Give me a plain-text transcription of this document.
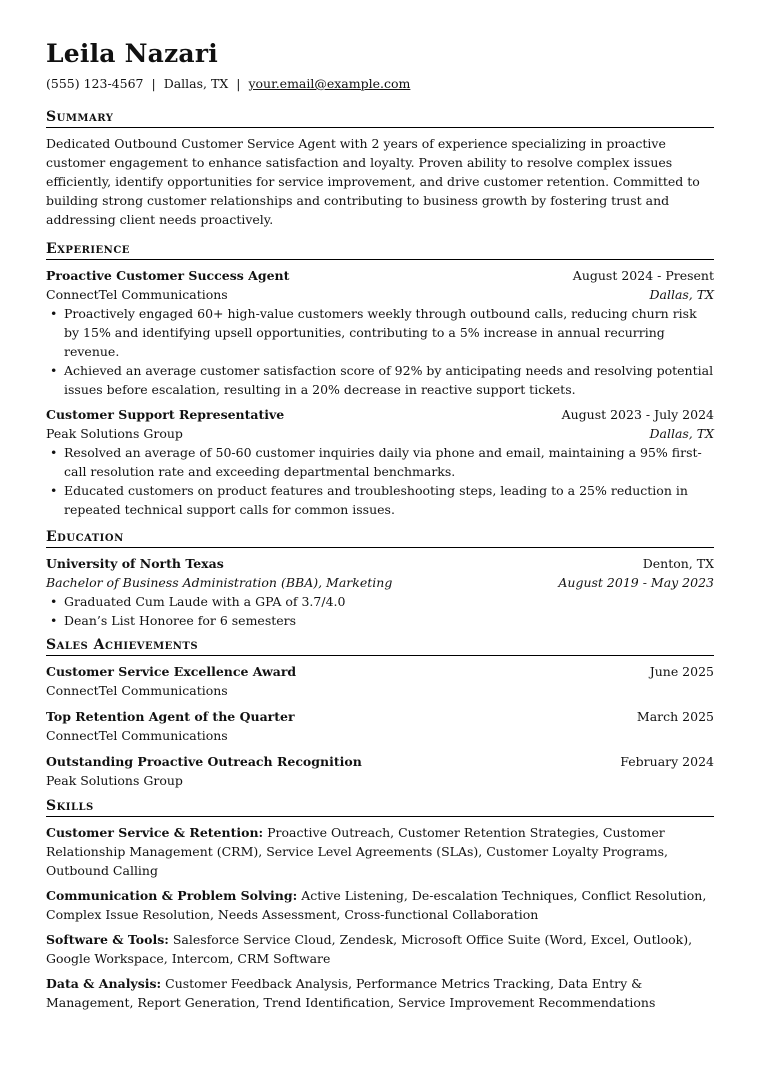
Leila Nazari
(555) 123-4567 | Dallas, TX | your.email@example.com
Summary
Dedicated Outbound Customer Service Agent with 2 years of experience specializing in proactive customer engagement to enhance satisfaction and loyalty. Proven ability to resolve complex issues efficiently, identify opportunities for service improvement, and drive customer retention. Committed to building strong customer relationships and contributing to business growth by fostering trust and addressing client needs proactively.
Experience
Proactive Customer Success Agent	August 2024 - Present
ConnectTel Communications	Dallas, TX
• Proactively engaged 60+ high-value customers weekly through outbound calls, reducing churn risk by 15% and identifying upsell opportunities, contributing to a 5% increase in annual recurring revenue.
• Achieved an average customer satisfaction score of 92% by anticipating needs and resolving potential issues before escalation, resulting in a 20% decrease in reactive support tickets.
Customer Support Representative	August 2023 - July 2024
Peak Solutions Group	Dallas, TX
• Resolved an average of 50-60 customer inquiries daily via phone and email, maintaining a 95% first-call resolution rate and exceeding departmental benchmarks.
• Educated customers on product features and troubleshooting steps, leading to a 25% reduction in repeated technical support calls for common issues.
Education
University of North Texas	Denton, TX
Bachelor of Business Administration (BBA), Marketing	August 2019 - May 2023
• Graduated Cum Laude with a GPA of 3.7/4.0
• Dean’s List Honoree for 6 semesters
Sales Achievements
Customer Service Excellence Award	June 2025
ConnectTel Communications
Top Retention Agent of the Quarter	March 2025
ConnectTel Communications
Outstanding Proactive Outreach Recognition	February 2024
Peak Solutions Group
Skills
Customer Service & Retention: Proactive Outreach, Customer Retention Strategies, Customer Relationship Management (CRM), Service Level Agreements (SLAs), Customer Loyalty Programs, Outbound Calling
Communication & Problem Solving: Active Listening, De-escalation Techniques, Conflict Resolution, Complex Issue Resolution, Needs Assessment, Cross-functional Collaboration
Software & Tools: Salesforce Service Cloud, Zendesk, Microsoft Office Suite (Word, Excel, Outlook), Google Workspace, Intercom, CRM Software
Data & Analysis: Customer Feedback Analysis, Performance Metrics Tracking, Data Entry & Management, Report Generation, Trend Identification, Service Improvement Recommendations
